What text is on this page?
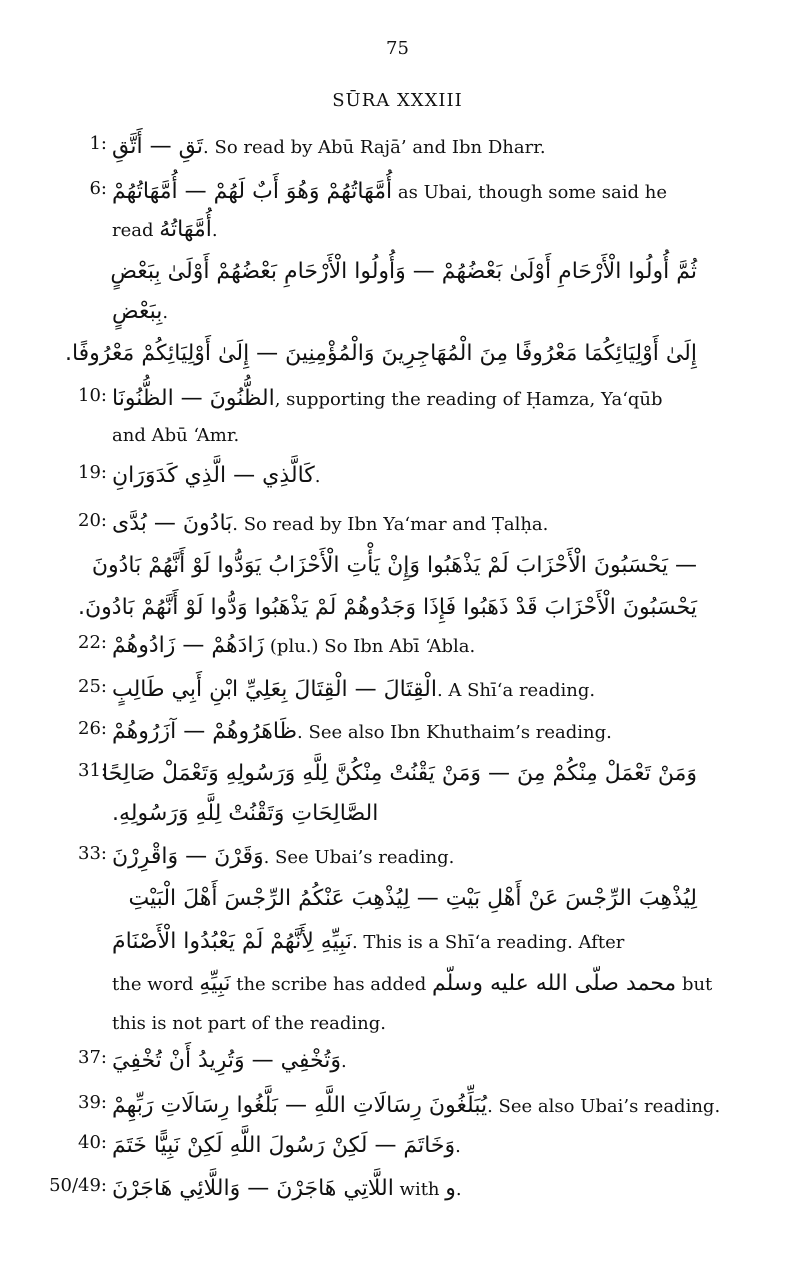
75
SŪRA XXXIII
1: تَقِ — أَتَّقِ. So read by Abū Rajā’ and Ibn Dharr.
6: أُمَّهَاتُهُمْ وَهُوَ أَبٌ لَهُمْ — أُمَّهَاتُهُمْ as Ubai, though some said he
read أُمَّهَاتُهُ.
ثُمَّ أُولُوا الْأَرْحَامِ أَوْلَىٰ بَعْضُهُمْ — وَأُولُوا الْأَرْحَامِ بَعْضُهُمْ أَوْلَىٰ بِبَعْضٍ
بِبَعْضٍ.
إِلَىٰ أَوْلِيَائِكُمَا مَعْرُوفًا مِنَ الْمُهَاجِرِينَ وَالْمُؤْمِنِينَ — إِلَىٰ أَوْلِيَائِكُمْ مَعْرُوفًا.
10: الظُّنُونَ — الظُّنُونَا, supporting the reading of Ḥamza, Ya‘qūb
and Abū ‘Amr.
19: كَالَّذِي — الَّذِي كَدَوَرَانِ.
20: بَادُونَ — بُدَّى. So read by Ibn Ya‘mar and Ṭalḥa.
— يَحْسَبُونَ الْأَحْزَابَ لَمْ يَذْهَبُوا وَإِنْ يَأْتِ الْأَحْزَابُ يَوَدُّوا لَوْ أَنَّهُمْ بَادُونَ
يَحْسَبُونَ الْأَحْزَابَ قَدْ ذَهَبُوا فَإِذَا وَجَدُوهُمْ لَمْ يَذْهَبُوا وَدُّوا لَوْ أَنَّهُمْ بَادُونَ.
22: زَادَهُمْ — زَادُوهُمْ (plu.) So Ibn Abī ‘Abla.
25: الْقِتَالَ — الْقِتَالَ بِعَلِيِّ ابْنِ أَبِي طَالِبٍ. A Shī‘a reading.
26: ظَاهَرُوهُمْ — آزَرُوهُمْ. See also Ibn Khuthaim’s reading.
31:
وَمَنْ تَعْمَلْ مِنْكُمْ مِنَ — وَمَنْ يَقْنُتْ مِنْكُنَّ لِلَّهِ وَرَسُولِهِ وَتَعْمَلْ صَالِحًا
الصَّالِحَاتِ وَتَقْنُتْ لِلَّهِ وَرَسُولِهِ.
33: وَقَرْنَ — وَاقْرِرْنَ. See Ubai’s reading.
لِيُذْهِبَ الرِّجْسَ عَنْ أَهْلِ بَيْتِ — لِيُذْهِبَ عَنْكُمُ الرِّجْسَ أَهْلَ الْبَيْتِ
نَبِيِّهِ لِأَنَّهُمْ لَمْ يَعْبُدُوا الْأَصْنَامَ. This is a Shī‘a reading. After
the word نَبِيِّهِ the scribe has added محمد صلّى الله عليه وسلّم but
this is not part of the reading.
37: وَتُخْفِي — وَتُرِيدُ أَنْ تُخْفِيَ.
39: يُبَلِّغُونَ رِسَالَاتِ اللَّهِ — بَلَّغُوا رِسَالَاتِ رَبِّهِمْ. See also Ubai’s reading.
40: وَخَاتَمَ — لَكِنْ رَسُولَ اللَّهِ لَكِنْ نَبِيًّا خَتَمَ.
50/49: اللَّاتِي هَاجَرْنَ — وَاللَّائِي هَاجَرْنَ with و.
